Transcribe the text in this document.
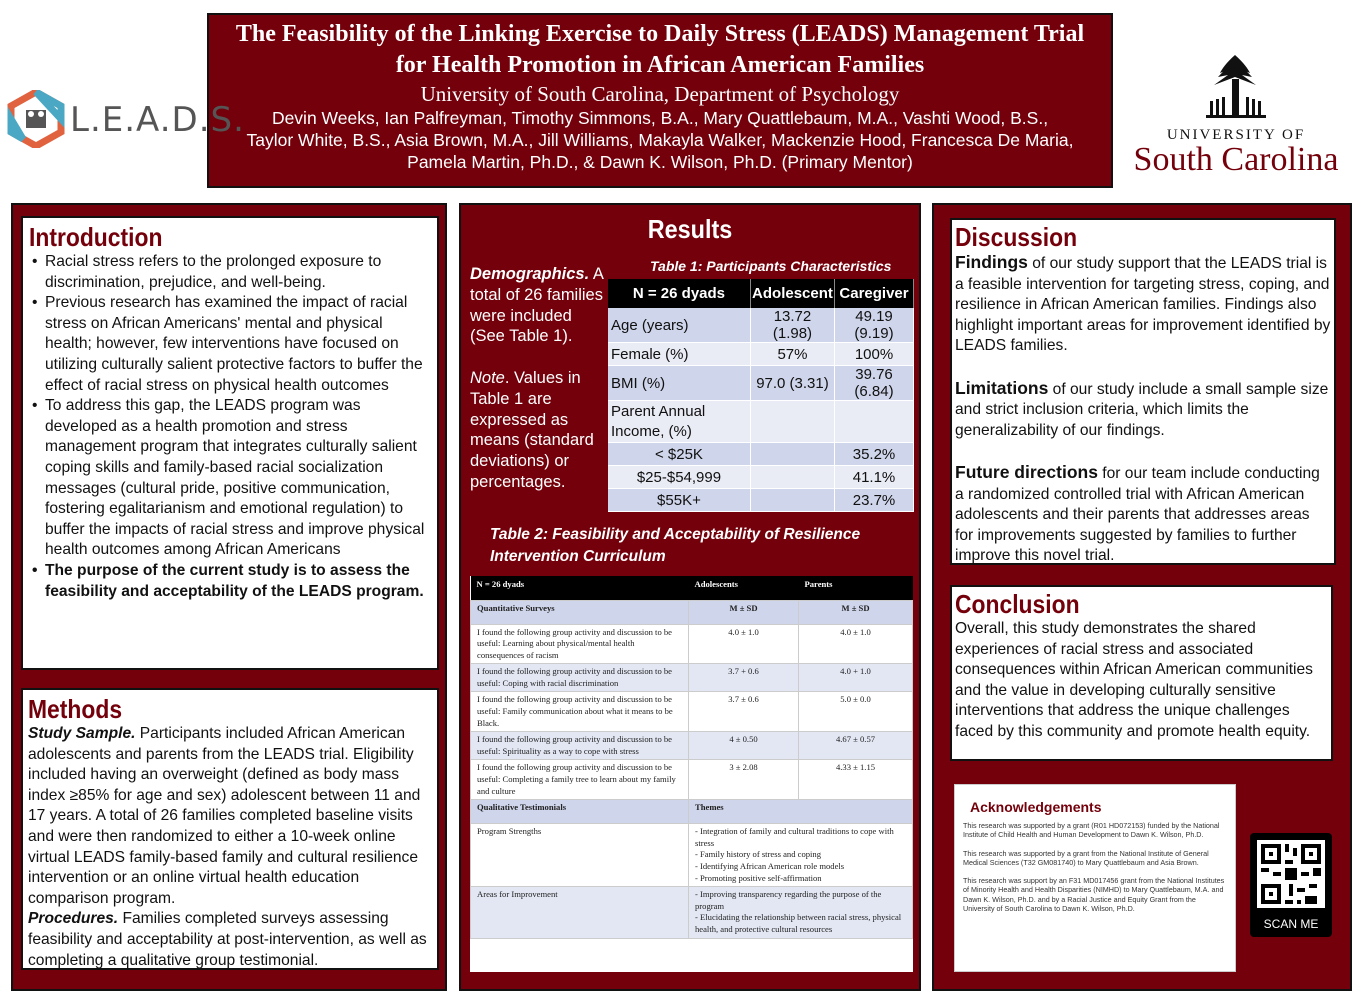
The Feasibility of the Linking Exercise to Daily Stress (LEADS) Management Trial
for Health Promotion in African American Families
University of South Carolina, Department of Psychology
Devin Weeks, Ian Palfreyman, Timothy Simmons, B.A., Mary Quattlebaum, M.A., Vashti Wood, B.S.,
Taylor White, B.S., Asia Brown, M.A., Jill Williams, Makayla Walker, Mackenzie Hood, Francesca De Maria,
Pamela Martin, Ph.D., & Dawn K. Wilson, Ph.D. (Primary Mentor)
L.E.A.D.S.	UNIVERSITY OF
South Carolina
Introduction
• Racial stress refers to the prolonged exposure to discrimination, prejudice, and well-being.
• Previous research has examined the impact of racial stress on African Americans' mental and physical health; however, few interventions have focused on utilizing culturally salient protective factors to buffer the effect of racial stress on physical health outcomes
• To address this gap, the LEADS program was developed as a health promotion and stress management program that integrates culturally salient coping skills and family-based racial socialization messages (cultural pride, positive communication, fostering egalitarianism and emotional regulation) to buffer the impacts of racial stress and improve physical health outcomes among African Americans
• The purpose of the current study is to assess the feasibility and acceptability of the LEADS program.
Methods
Study Sample. Participants included African American adolescents and parents from the LEADS trial. Eligibility included having an overweight (defined as body mass index ≥85% for age and sex) adolescent between 11 and 17 years. A total of 26 families completed baseline visits and were then randomized to either a 10-week online virtual LEADS family-based family and cultural resilience intervention or an online virtual health education comparison program.
Procedures. Families completed surveys assessing feasibility and acceptability at post-intervention, as well as completing a qualitative group testimonial.
Results
Demographics. A total of 26 families were included (See Table 1).

Note. Values in Table 1 are expressed as means (standard deviations) or percentages.
Table 1: Participants Characteristics
N = 26 dyads	Adolescent	Caregiver
Age (years)	13.72 (1.98)	49.19 (9.19)
Female (%)	57%	100%
BMI (%)	97.0 (3.31)	39.76 (6.84)
Parent Annual Income, (%)		
< $25K		35.2%
$25-$54,999		41.1%
$55K+		23.7%
Table 2: Feasibility and Acceptability of Resilience
Intervention Curriculum
N = 26 dyads	Adolescents	Parents
Quantitative Surveys	M ± SD	M ± SD
I found the following group activity and discussion to be useful: Learning about physical/mental health consequences of racism	4.0 ± 1.0	4.0 ± 1.0
I found the following group activity and discussion to be useful: Coping with racial discrimination	3.7 + 0.6	4.0 + 1.0
I found the following group activity and discussion to be useful: Family communication about what it means to be Black.	3.7 ± 0.6	5.0 ± 0.0
I found the following group activity and discussion to be useful: Spirituality as a way to cope with stress	4 ± 0.50	4.67 ± 0.57
I found the following group activity and discussion to be useful: Completing a family tree to learn about my family and culture	3 ± 2.08	4.33 ± 1.15
Qualitative Testimonials	Themes	
Program Strengths	- Integration of family and cultural traditions to cope with stress
- Family history of stress and coping
- Identifying African American role models
- Promoting positive self-affirmation	
Areas for Improvement	- Improving transparency regarding the purpose of the program
- Elucidating the relationship between racial stress, physical health, and protective cultural resources	
Discussion
Findings of our study support that the LEADS trial is a feasible intervention for targeting stress, coping, and resilience in African American families. Findings also highlight important areas for improvement identified by LEADS families.

Limitations of our study include a small sample size and strict inclusion criteria, which limits the generalizability of our findings.

Future directions for our team include conducting a randomized controlled trial with African American adolescents and their parents that addresses areas for improvements suggested by families to further improve this novel trial.
Conclusion
Overall, this study demonstrates the shared experiences of racial stress and associated consequences within African American communities and the value in developing culturally sensitive interventions that address the unique challenges faced by this community and promote health equity.
Acknowledgements

This research was supported by a grant (R01 HD072153) funded by the National Institute of Child Health and Human Development to Dawn K. Wilson, Ph.D.

This research was supported by a grant from the National Institute of General Medical Sciences (T32 GM081740) to Mary Quattlebaum and Asia Brown.

This research was support by an F31 MD017456 grant from the National Institutes of Minority Health and Health Disparities (NIMHD) to Mary Quattlebaum, M.A. and Dawn K. Wilson, Ph.D. and by a Racial Justice and Equity Grant from the University of South Carolina to Dawn K. Wilson, Ph.D.

SCAN ME
